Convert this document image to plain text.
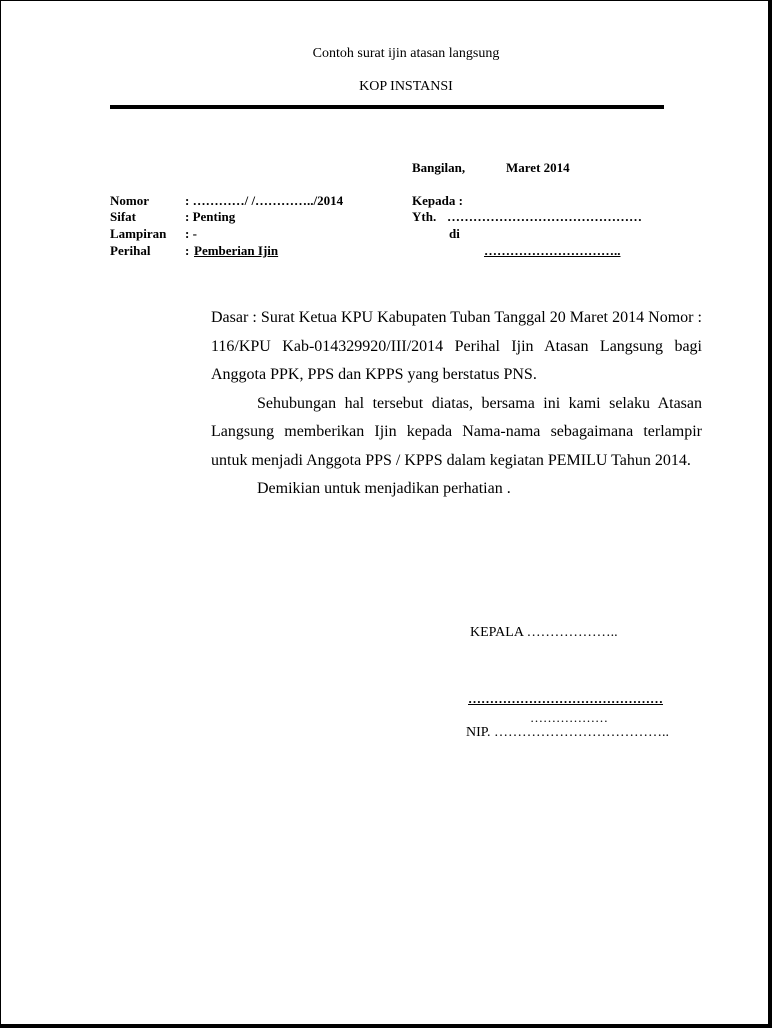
Contoh surat ijin atasan langsung
KOP INSTANSI
Bangilan,	Maret 2014
Nomor	: …………/ /…………../2014
Sifat	: Penting
Lampiran : -
Perihal	: Pemberian Ijin
Kepada :
Yth. ………………………………………
di
…………………………..

Dasar : Surat Ketua KPU Kabupaten Tuban Tanggal 20 Maret 2014 Nomor : 116/KPU Kab-014329920/III/2014 Perihal Ijin Atasan Langsung bagi Anggota PPK, PPS dan KPPS yang berstatus PNS.

Sehubungan hal tersebut diatas, bersama ini kami selaku Atasan Langsung memberikan Ijin kepada Nama-nama sebagaimana terlampir untuk menjadi Anggota PPS / KPPS dalam kegiatan PEMILU Tahun 2014.

Demikian untuk menjadikan perhatian .

KEPALA ………………..
………………………………………
………………
NIP. ………………………………..
